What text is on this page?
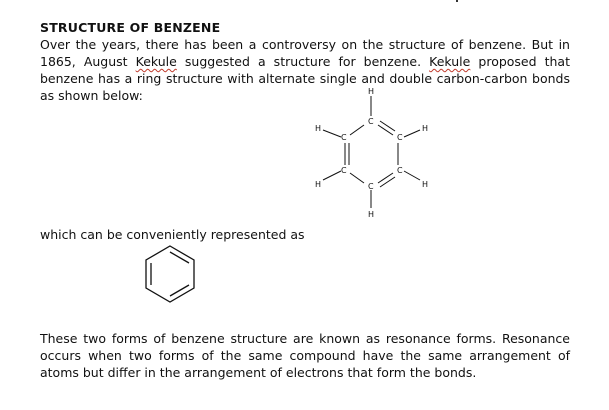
STRUCTURE OF BENZENE

Over the years, there has been a controversy on the structure of benzene. But in 1865, August Kekule suggested a structure for benzene. Kekule proposed that benzene has a ring structure with alternate single and double carbon-carbon bonds as shown below:	H
C
H
C	C
H
C	C
H	H
C
H

which can be conveniently represented as

These two forms of benzene structure are known as resonance forms. Resonance occurs when two forms of the same compound have the same arrangement of atoms but differ in the arrangement of electrons that form the bonds.
